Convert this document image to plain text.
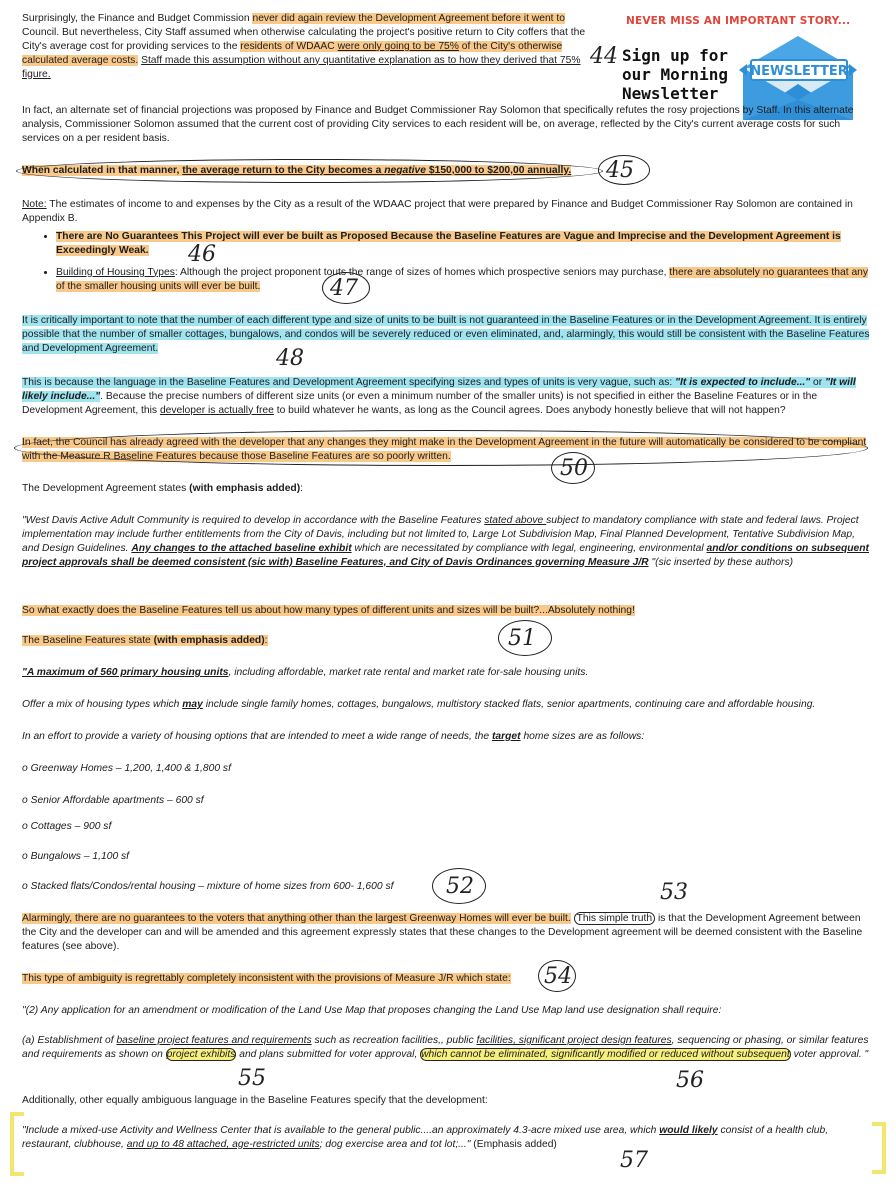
NEVER MISS AN IMPORTANT STORY...
Sign up for our Morning Newsletter
NEWSLETTER

Surprisingly, the Finance and Budget Commission never did again review the Development Agreement before it went to Council. But nevertheless, City Staff assumed when otherwise calculating the project's positive return to City coffers that the City's average cost for providing services to the residents of WDAAC were only going to be 75% of the City's otherwise calculated average costs. Staff made this assumption without any quantitative explanation as to how they derived that 75% figure.

44

In fact, an alternate set of financial projections was proposed by Finance and Budget Commissioner Ray Solomon that specifically refutes the rosy projections by Staff. In this alternate analysis, Commissioner Solomon assumed that the current cost of providing City services to each resident will be, on average, reflected by the City's current average costs for such services on a per resident basis.

When calculated in that manner, the average return to the City becomes a negative $150,000 to $200,00 annually.	45

Note: The estimates of income to and expenses by the City as a result of the WDAAC project that were prepared by Finance and Budget Commissioner Ray Solomon are contained in Appendix B.

• There are No Guarantees This Project will ever be built as Proposed Because the Baseline Features are Vague and Imprecise and the Development Agreement is Exceedingly Weak.
• Building of Housing Types: Although the project proponent touts the range of sizes of homes which prospective seniors may purchase, there are absolutely no guarantees that any of the smaller housing units will ever be built.
46
47

It is critically important to note that the number of each different type and size of units to be built is not guaranteed in the Baseline Features or in the Development Agreement. It is entirely possible that the number of smaller cottages, bungalows, and condos will be severely reduced or even eliminated, and, alarmingly, this would still be consistent with the Baseline Features and Development Agreement.	48

This is because the language in the Baseline Features and Development Agreement specifying sizes and types of units is very vague, such as: "It is expected to include..." or "It will likely include...". Because the precise numbers of different size units (or even a minimum number of the smaller units) is not specified in either the Baseline Features or in the Development Agreement, this developer is actually free to build whatever he wants, as long as the Council agrees. Does anybody honestly believe that will not happen?

In fact, the Council has already agreed with the developer that any changes they might make in the Development Agreement in the future will automatically be considered to be compliant with the Measure R Baseline Features because those Baseline Features are so poorly written.	50

The Development Agreement states (with emphasis added):

"West Davis Active Adult Community is required to develop in accordance with the Baseline Features stated above subject to mandatory compliance with state and federal laws. Project implementation may include further entitlements from the City of Davis, including but not limited to, Large Lot Subdivision Map, Final Planned Development, Tentative Subdivision Map, and Design Guidelines. Any changes to the attached baseline exhibit which are necessitated by compliance with legal, engineering, environmental and/or conditions on subsequent project approvals shall be deemed consistent (sic with) Baseline Features, and City of Davis Ordinances governing Measure J/R "(sic inserted by these authors)

So what exactly does the Baseline Features tell us about how many types of different units and sizes will be built?...Absolutely nothing!

The Baseline Features state (with emphasis added):	51

"A maximum of 560 primary housing units, including affordable, market rate rental and market rate for-sale housing units.

Offer a mix of housing types which may include single family homes, cottages, bungalows, multistory stacked flats, senior apartments, continuing care and affordable housing.

In an effort to provide a variety of housing options that are intended to meet a wide range of needs, the target home sizes are as follows:

o Greenway Homes – 1,200, 1,400 & 1,800 sf

o Senior Affordable apartments – 600 sf

o Cottages – 900 sf

o Bungalows – 1,100 sf

o Stacked flats/Condos/rental housing – mixture of home sizes from 600- 1,600 sf	52	53

Alarmingly, there are no guarantees to the voters that anything other than the largest Greenway Homes will ever be built. This simple truth is that the Development Agreement between the City and the developer can and will be amended and this agreement expressly states that these changes to the Development agreement will be deemed consistent with the Baseline features (see above).

This type of ambiguity is regrettably completely inconsistent with the provisions of Measure J/R which state:	54

"(2) Any application for an amendment or modification of the Land Use Map that proposes changing the Land Use Map land use designation shall require:

(a) Establishment of baseline project features and requirements such as recreation facilities,, public facilities, significant project design features, sequencing or phasing, or similar features and requirements as shown on project exhibits and plans submitted for voter approval, which cannot be eliminated, significantly modified or reduced without subsequent voter approval. "

55	56

Additionally, other equally ambiguous language in the Baseline Features specify that the development:

"Include a mixed-use Activity and Wellness Center that is available to the general public....an approximately 4.3-acre mixed use area, which would likely consist of a health club, restaurant, clubhouse, and up to 48 attached, age-restricted units; dog exercise area and tot lot;..." (Emphasis added)

57
